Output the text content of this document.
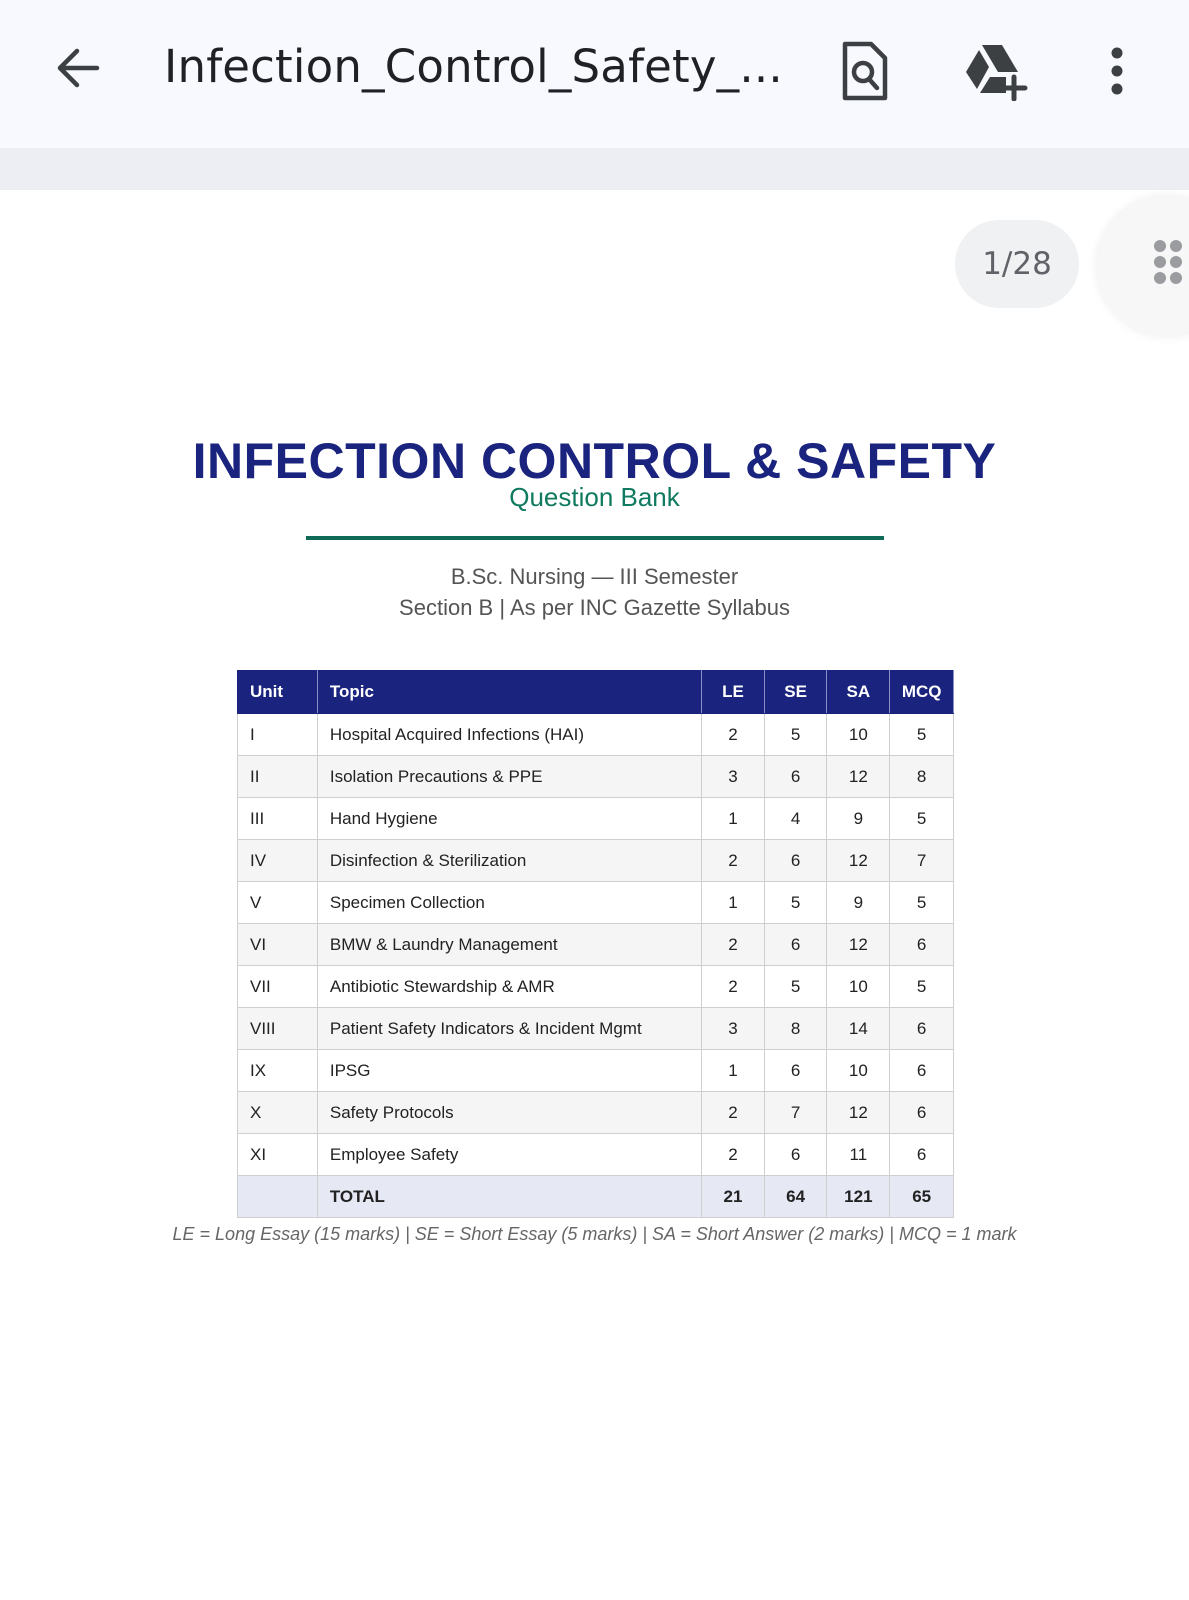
Infection_Control_Safety_...
1/28
INFECTION CONTROL & SAFETY
Question Bank
B.Sc. Nursing — III Semester
Section B | As per INC Gazette Syllabus
Unit	Topic	LE	SE	SA	MCQ
I	Hospital Acquired Infections (HAI)	2	5	10	5
II	Isolation Precautions & PPE	3	6	12	8
III	Hand Hygiene	1	4	9	5
IV	Disinfection & Sterilization	2	6	12	7
V	Specimen Collection	1	5	9	5
VI	BMW & Laundry Management	2	6	12	6
VII	Antibiotic Stewardship & AMR	2	5	10	5
VIII	Patient Safety Indicators & Incident Mgmt	3	8	14	6
IX	IPSG	1	6	10	6
X	Safety Protocols	2	7	12	6
XI	Employee Safety	2	6	11	6
	TOTAL	21	64	121	65
LE = Long Essay (15 marks) | SE = Short Essay (5 marks) | SA = Short Answer (2 marks) | MCQ = 1 mark
